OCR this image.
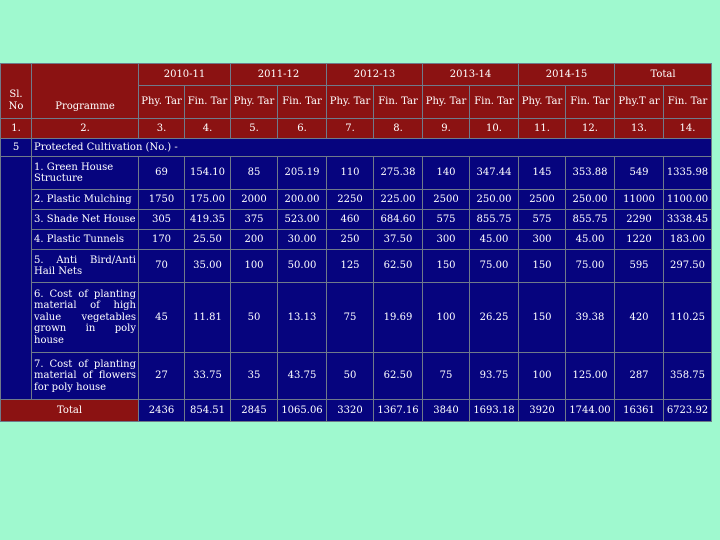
Sl. No	Programme	2010-11		2011-12		2012-13		2013-14		2014-15		Total	
		Phy. Tar	Fin. Tar	Phy. Tar	Fin. Tar	Phy. Tar	Fin. Tar	Phy. Tar	Fin. Tar	Phy. Tar	Fin. Tar	Phy.T ar	Fin. Tar
1.	2.	3.	4.	5.	6.	7.	8.	9.	10.	11.	12.	13.	14.
5	Protected Cultivation (No.) -												
	1. Green House Structure	69	154.10	85	205.19	110	275.38	140	347.44	145	353.88	549	1335.98
	2. Plastic Mulching	1750	175.00	2000	200.00	2250	225.00	2500	250.00	2500	250.00	11000	1100.00
	3. Shade Net House	305	419.35	375	523.00	460	684.60	575	855.75	575	855.75	2290	3338.45
	4. Plastic Tunnels	170	25.50	200	30.00	250	37.50	300	45.00	300	45.00	1220	183.00
	5. Anti Bird/Anti Hail Nets	70	35.00	100	50.00	125	62.50	150	75.00	150	75.00	595	297.50
	6. Cost of planting material of high value vegetables grown in poly house	45	11.81	50	13.13	75	19.69	100	26.25	150	39.38	420	110.25
	7. Cost of planting material of flowers for poly house	27	33.75	35	43.75	50	62.50	75	93.75	100	125.00	287	358.75
Total		2436	854.51	2845	1065.06	3320	1367.16	3840	1693.18	3920	1744.00	16361	6723.92
